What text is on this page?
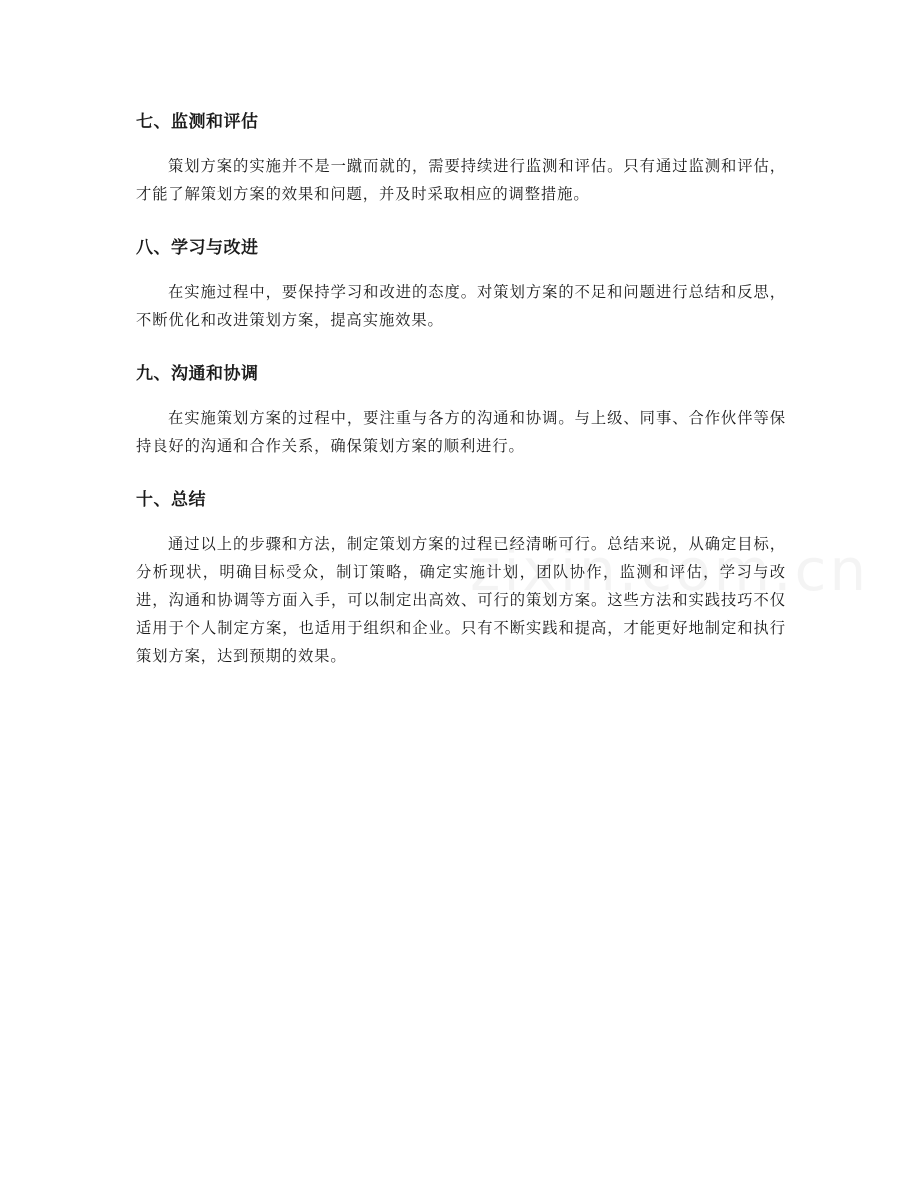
七、监测和评估

策划方案的实施并不是一蹴而就的，需要持续进行监测和评估。只有通过监测和评估，才能了解策划方案的效果和问题，并及时采取相应的调整措施。

八、学习与改进

在实施过程中，要保持学习和改进的态度。对策划方案的不足和问题进行总结和反思，不断优化和改进策划方案，提高实施效果。

九、沟通和协调

在实施策划方案的过程中，要注重与各方的沟通和协调。与上级、同事、合作伙伴等保持良好的沟通和合作关系，确保策划方案的顺利进行。

十、总结

通过以上的步骤和方法，制定策划方案的过程已经清晰可行。总结来说，从确定目标，分析现状，明确目标受众，制订策略，确定实施计划，团队协作，监测和评估，学习与改进，沟通和协调等方面入手，可以制定出高效、可行的策划方案。这些方法和实践技巧不仅适用于个人制定方案，也适用于组织和企业。只有不断实践和提高，才能更好地制定和执行策划方案，达到预期的效果。
